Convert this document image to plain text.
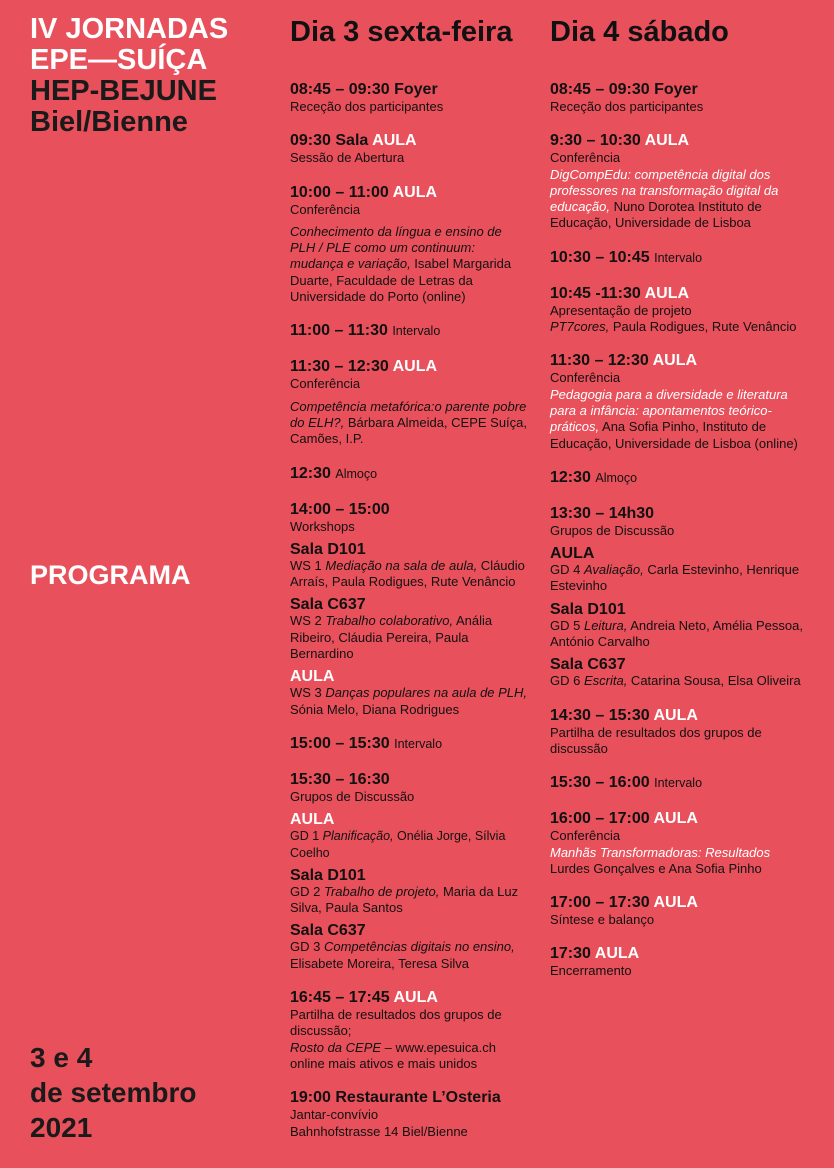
IV JORNADAS
EPE—SUÍÇA
HEP-BEJUNE
Biel/Bienne
PROGRAMA
3 e 4
de setembro
2021
Dia 3 sexta-feira
08:45 – 09:30 Foyer
Receção dos participantes
09:30 Sala AULA
Sessão de Abertura
10:00 – 11:00 AULA
Conferência
Conhecimento da língua e ensino de PLH / PLE como um continuum: mudança e variação, Isabel Margarida Duarte, Faculdade de Letras da Universidade do Porto (online)
11:00 – 11:30 Intervalo
11:30 – 12:30 AULA
Conferência
Competência metafórica:o parente pobre do ELH?, Bárbara Almeida, CEPE Suíça, Camões, I.P.
12:30 Almoço
14:00 – 15:00
Workshops
Sala D101
WS 1 Mediação na sala de aula, Cláudio Arraís, Paula Rodigues, Rute Venâncio
Sala C637
WS 2 Trabalho colaborativo, Anália Ribeiro, Cláudia Pereira, Paula Bernardino
AULA
WS 3 Danças populares na aula de PLH, Sónia Melo, Diana Rodrigues
15:00 – 15:30 Intervalo
15:30 – 16:30
Grupos de Discussão
AULA
GD 1 Planificação, Onélia Jorge, Sílvia Coelho
Sala D101
GD 2 Trabalho de projeto, Maria da Luz Silva, Paula Santos
Sala C637
GD 3 Competências digitais no ensino, Elisabete Moreira, Teresa Silva
16:45 – 17:45 AULA
Partilha de resultados dos grupos de discussão;
Rosto da CEPE – www.epesuica.ch online mais ativos e mais unidos
19:00 Restaurante L’Osteria
Jantar-convívio
Bahnhofstrasse 14 Biel/Bienne
Dia 4 sábado
08:45 – 09:30 Foyer
Receção dos participantes
9:30 – 10:30 AULA
Conferência
DigCompEdu: competência digital dos professores na transformação digital da educação, Nuno Dorotea Instituto de Educação, Universidade de Lisboa
10:30 – 10:45 Intervalo
10:45 -11:30 AULA
Apresentação de projeto
PT7cores, Paula Rodigues, Rute Venâncio
11:30 – 12:30 AULA
Conferência
Pedagogia para a diversidade e literatura para a infância: apontamentos teórico-práticos, Ana Sofia Pinho, Instituto de Educação, Universidade de Lisboa (online)
12:30 Almoço
13:30 – 14h30
Grupos de Discussão
AULA
GD 4 Avaliação, Carla Estevinho, Henrique Estevinho
Sala D101
GD 5 Leitura, Andreia Neto, Amélia Pessoa, António Carvalho
Sala C637
GD 6 Escrita, Catarina Sousa, Elsa Oliveira
14:30 – 15:30 AULA
Partilha de resultados dos grupos de discussão
15:30 – 16:00 Intervalo
16:00 – 17:00 AULA
Conferência
Manhãs Transformadoras: Resultados
Lurdes Gonçalves e Ana Sofia Pinho
17:00 – 17:30 AULA
Síntese e balanço
17:30 AULA
Encerramento
